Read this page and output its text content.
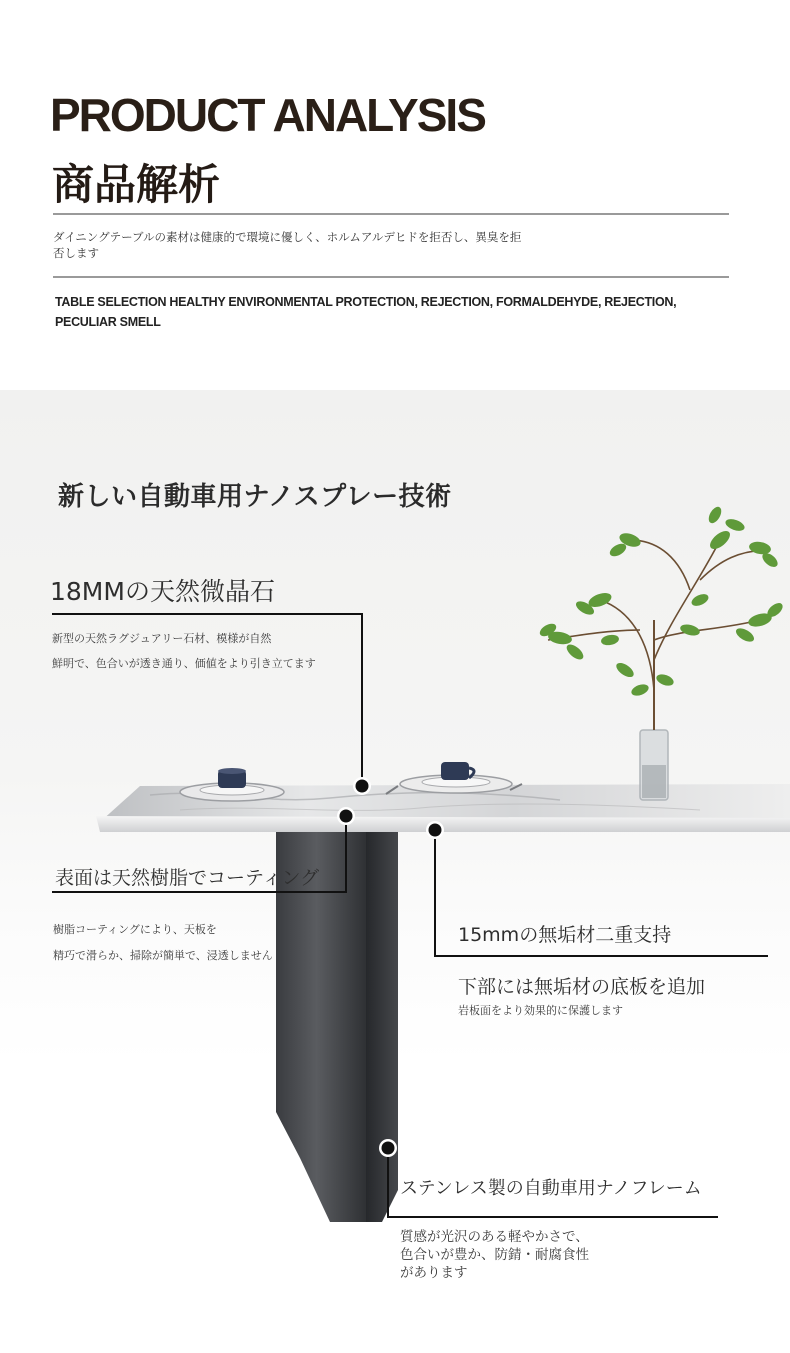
PRODUCT ANALYSIS
商品解析
ダイニングテーブルの素材は健康的で環境に優しく、ホルムアルデヒドを拒否し、異臭を拒否します
TABLE SELECTION HEALTHY ENVIRONMENTAL PROTECTION, REJECTION, FORMALDEHYDE, REJECTION, PECULIAR SMELL
新しい自動車用ナノスプレー技術
18MMの天然微晶石
新型の天然ラグジュアリー石材、模様が自然
鮮明で、色合いが透き通り、価値をより引き立てます
表面は天然樹脂でコーティング
樹脂コーティングにより、天板を
精巧で滑らか、掃除が簡単で、浸透しません
15mmの無垢材二重支持
下部には無垢材の底板を追加
岩板面をより効果的に保護します
ステンレス製の自動車用ナノフレーム
質感が光沢のある軽やかさで、
色合いが豊か、防錆・耐腐食性
があります
